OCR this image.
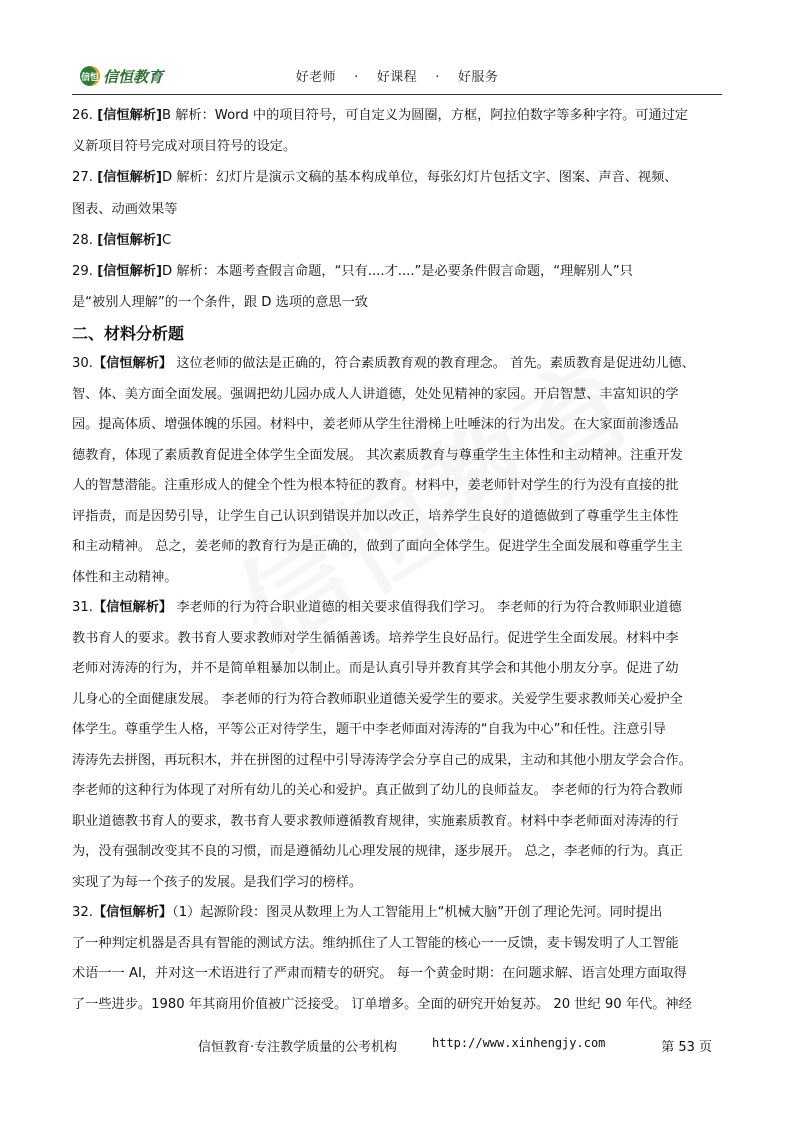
信恒 信恒教育	好老师 · 好课程 · 好服务

26. [信恒解析]B 解析：Word 中的项目符号，可自定义为圆圈，方框，阿拉伯数字等多种字符。可通过定

义新项目符号完成对项目符号的设定。

27. [信恒解析]D 解析：幻灯片是演示文稿的基本构成单位，每张幻灯片包括文字、图案、声音、视频、

图表、动画效果等

28. [信恒解析]C

29. [信恒解析]D 解析：本题考查假言命题，“只有....才....”是必要条件假言命题，“理解别人”只

是“被别人理解”的一个条件，跟 D 选项的意思一致

二、材料分析题

30.【信恒解析】 这位老师的做法是正确的，符合素质教育观的教育理念。 首先。素质教育是促进幼儿德、

智、体、美方面全面发展。强调把幼儿园办成人人讲道德，处处见精神的家园。开启智慧、丰富知识的学

园。提高体质、增强体魄的乐园。材料中，姜老师从学生往滑梯上吐唾沫的行为出发。在大家面前渗透品

德教育，体现了素质教育促进全体学生全面发展。 其次素质教育与尊重学生主体性和主动精神。注重开发

人的智慧潜能。注重形成人的健全个性为根本特征的教育。材料中，姜老师针对学生的行为没有直接的批

评指责，而是因势引导，让学生自己认识到错误并加以改正，培养学生良好的道德做到了尊重学生主体性

和主动精神。 总之，姜老师的教育行为是正确的，做到了面向全体学生。促进学生全面发展和尊重学生主

体性和主动精神。

31.【信恒解析】 李老师的行为符合职业道德的相关要求值得我们学习。 李老师的行为符合教师职业道德

教书育人的要求。教书育人要求教师对学生循循善诱。培养学生良好品行。促进学生全面发展。材料中李

老师对涛涛的行为，并不是简单粗暴加以制止。而是认真引导并教育其学会和其他小朋友分享。促进了幼

儿身心的全面健康发展。 李老师的行为符合教师职业道德关爱学生的要求。关爱学生要求教师关心爱护全

体学生。尊重学生人格，平等公正对待学生，题干中李老师面对涛涛的“自我为中心”和任性。注意引导

涛涛先去拼图，再玩积木，并在拼图的过程中引导涛涛学会分享自己的成果，主动和其他小朋友学会合作。

李老师的这种行为体现了对所有幼儿的关心和爱护。真正做到了幼儿的良师益友。 李老师的行为符合教师

职业道德教书育人的要求，教书育人要求教师遵循教育规律，实施素质教育。材料中李老师面对涛涛的行

为，没有强制改变其不良的习惯，而是遵循幼儿心理发展的规律，逐步展开。 总之，李老师的行为。真正

实现了为每一个孩子的发展。是我们学习的榜样。

32.【信恒解析】（1）起源阶段：图灵从数理上为人工智能用上“机械大脑”开创了理论先河。同时提出

了一种判定机器是否具有智能的测试方法。维纳抓住了人工智能的核心一一反馈，麦卡锡发明了人工智能

术语一一 AI，并对这一术语进行了严肃而精专的研究。 每一个黄金时期：在问题求解、语言处理方面取得

了一些进步。1980 年其商用价值被广泛接受。 订单增多。全面的研究开始复苏。 20 世纪 90 年代。神经

信恒教育·专注教学质量的公考机构	http://www.xinhengjy.com	第 53 页
